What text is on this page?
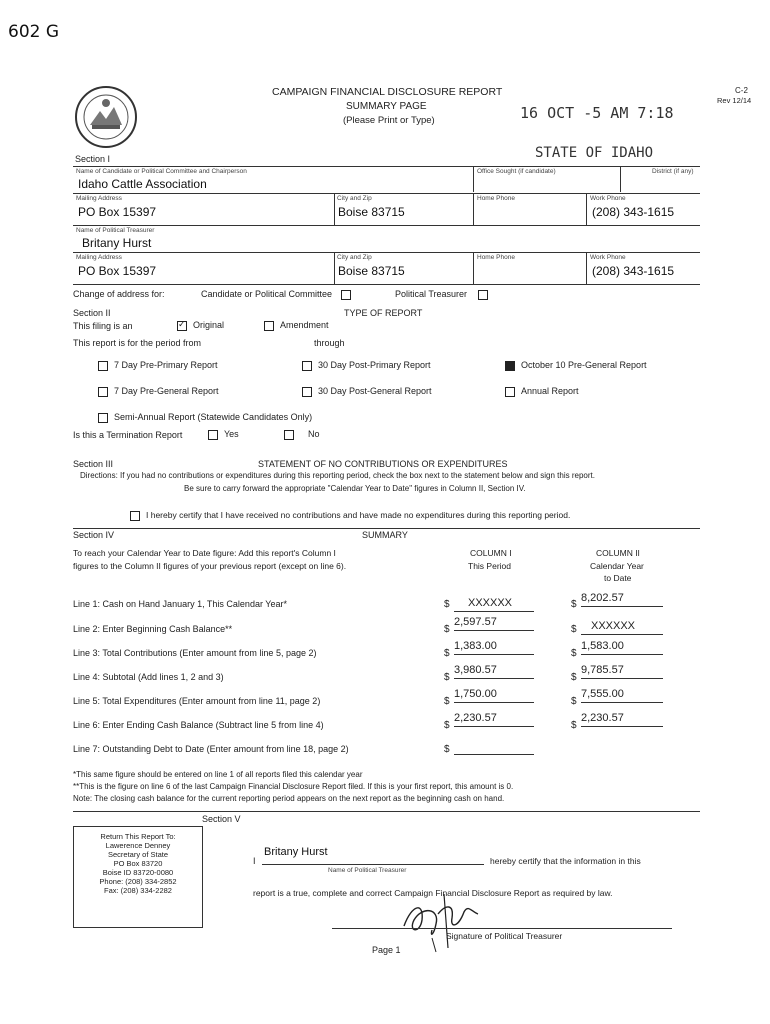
602 G
CAMPAIGN FINANCIAL DISCLOSURE REPORT
SUMMARY PAGE
(Please Print or Type)
C-2
Rev 12/14
16 OCT -5 AM 7:18
STATE OF IDAHO
Section I
Name of Candidate or Political Committee and Chairperson
Idaho Cattle Association
Office Sought (if candidate)	District (if any)
Mailing Address
PO Box 15397
City and Zip
Boise 83715
Home Phone	Work Phone
(208) 343-1615
Name of Political Treasurer
Britany Hurst
Mailing Address
PO Box 15397
City and Zip
Boise 83715
Home Phone	Work Phone
(208) 343-1615
Change of address for:	Candidate or Political Committee	Political Treasurer
Section II	TYPE OF REPORT
This filing is an
✓	Original	Amendment
This report is for the period from	through
7 Day Pre-Primary Report	30 Day Post-Primary Report	October 10 Pre-General Report
7 Day Pre-General Report	30 Day Post-General Report	Annual Report
Semi-Annual Report (Statewide Candidates Only)
Is this a Termination Report	Yes	No
Section III	STATEMENT OF NO CONTRIBUTIONS OR EXPENDITURES
Directions: If you had no contributions or expenditures during this reporting period, check the box next to the statement below and sign this report.
Be sure to carry forward the appropriate "Calendar Year to Date" figures in Column II, Section IV.
I hereby certify that I have received no contributions and have made no expenditures during this reporting period.
Section IV	SUMMARY
To reach your Calendar Year to Date figure: Add this report's Column I
figures to the Column II figures of your previous report (except on line 6).
COLUMN I
This Period
COLUMN II
Calendar Year
to Date
Line 1: Cash on Hand January 1, This Calendar Year*	$	XXXXXX	$
8,202.57
Line 2: Enter Beginning Cash Balance**	$
2,597.57
$	XXXXXX
Line 3: Total Contributions (Enter amount from line 5, page 2)	$
1,383.00
$
1,583.00
Line 4: Subtotal (Add lines 1, 2 and 3)	$
3,980.57
$
9,785.57
Line 5: Total Expenditures (Enter amount from line 11, page 2)	$
1,750.00
$
7,555.00
Line 6: Enter Ending Cash Balance (Subtract line 5 from line 4)	$
2,230.57
$
2,230.57
Line 7: Outstanding Debt to Date (Enter amount from line 18, page 2)	$
*This same figure should be entered on line 1 of all reports filed this calendar year
**This is the figure on line 6 of the last Campaign Financial Disclosure Report filed. If this is your first report, this amount is 0.
Note: The closing cash balance for the current reporting period appears on the next report as the beginning cash on hand.
Section V
Return This Report To:
Lawerence Denney
Secretary of State
PO Box 83720
Boise ID 83720-0080
Phone: (208) 334-2852
Fax: (208) 334-2282
I
Britany Hurst
hereby certify that the information in this
Name of Political Treasurer
report is a true, complete and correct Campaign Financial Disclosure Report as required by law.
Signature of Political Treasurer
Page 1
